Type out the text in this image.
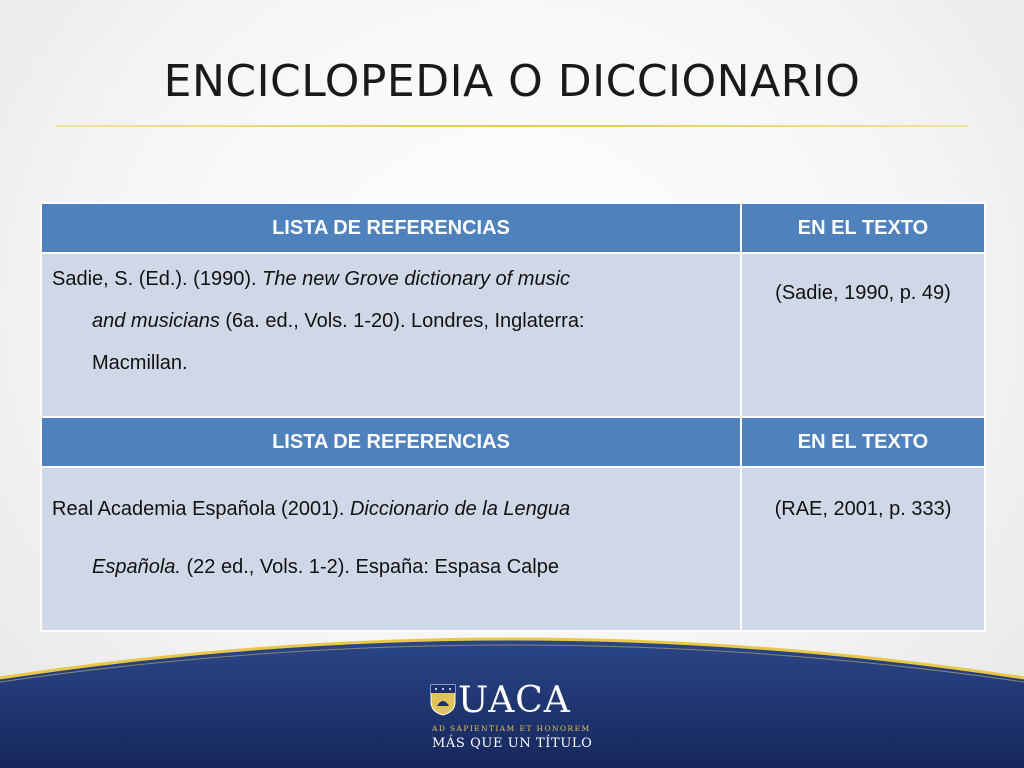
ENCICLOPEDIA O DICCIONARIO
LISTA DE REFERENCIAS	EN EL TEXTO

Sadie, S. (Ed.). (1990). The new Grove dictionary of music
and musicians (6a. ed., Vols. 1-20). Londres, Inglaterra:
Macmillan.	(Sadie, 1990, p. 49)
LISTA DE REFERENCIAS	EN EL TEXTO

Real Academia Española (2001). Diccionario de la Lengua
Española. (22 ed., Vols. 1-2). España: Espasa Calpe	(RAE, 2001, p. 333)
UACA
AD SAPIENTIAM ET HONOREM
MÁS QUE UN TÍTULO
